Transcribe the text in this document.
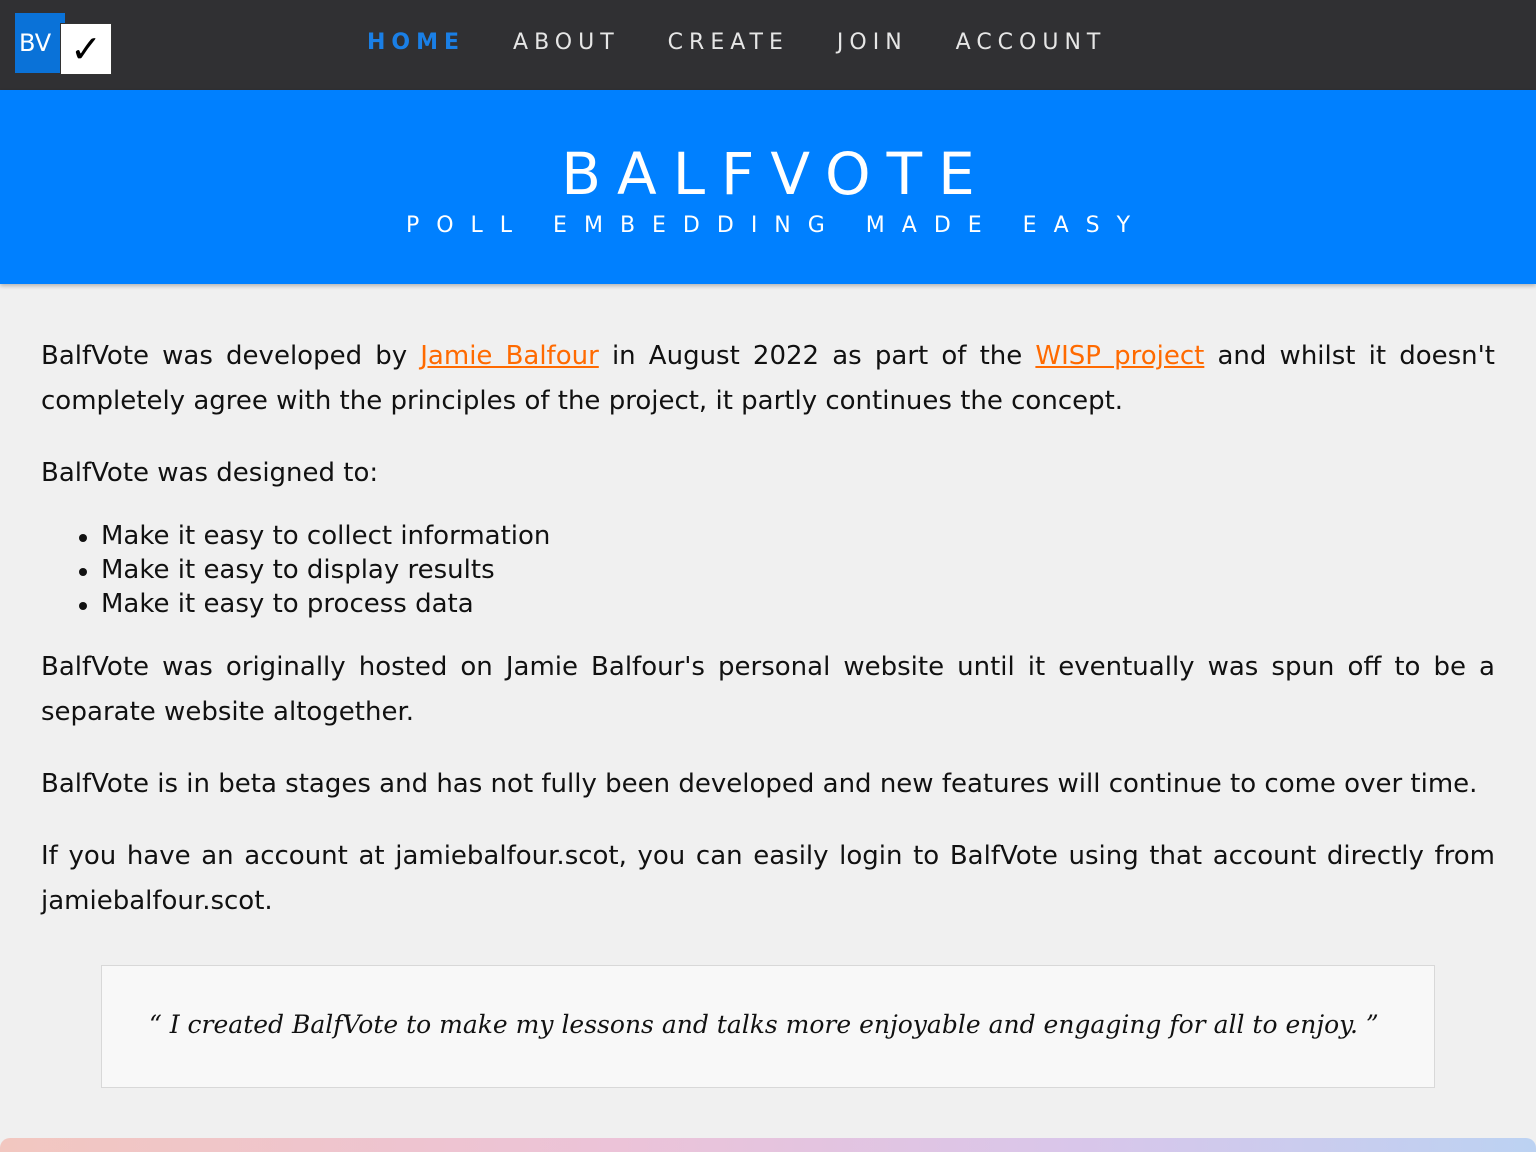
BV ✓	HOME	ABOUT	CREATE	JOIN	ACCOUNT
BALFVOTE
POLL EMBEDDING MADE EASY

BalfVote was developed by Jamie Balfour in August 2022 as part of the WISP project and whilst it doesn't completely agree with the principles of the project, it partly continues the concept.

BalfVote was designed to:

Make it easy to collect information
Make it easy to display results
Make it easy to process data

BalfVote was originally hosted on Jamie Balfour's personal website until it eventually was spun off to be a separate website altogether.

BalfVote is in beta stages and has not fully been developed and new features will continue to come over time.

If you have an account at jamiebalfour.scot, you can easily login to BalfVote using that account directly from jamiebalfour.scot.

“ I created BalfVote to make my lessons and talks more enjoyable and engaging for all to enjoy. ”
